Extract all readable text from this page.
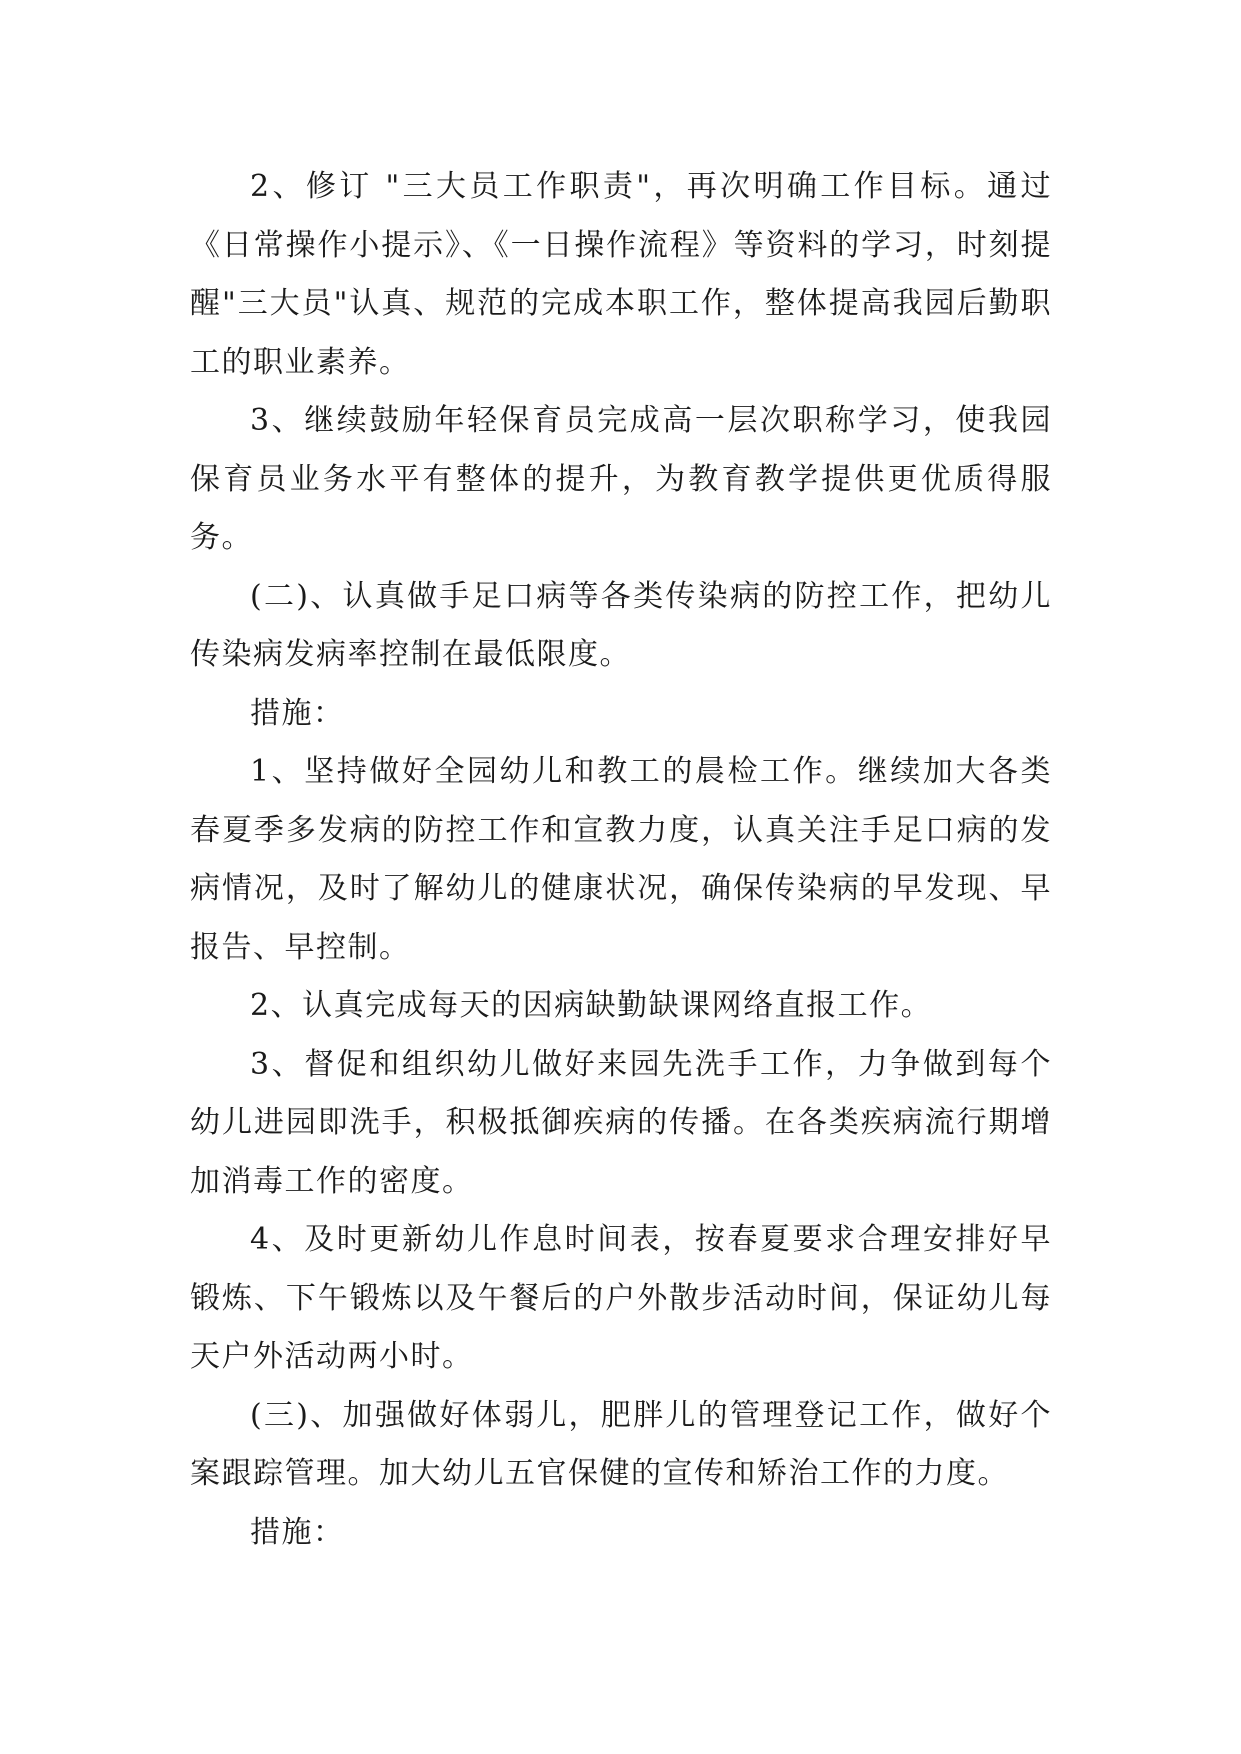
2、修订 "三大员工作职责"，再次明确工作目标。通过《日常操作小提示》、《一日操作流程》等资料的学习，时刻提醒"三大员"认真、规范的完成本职工作，整体提高我园后勤职工的职业素养。

3、继续鼓励年轻保育员完成高一层次职称学习，使我园保育员业务水平有整体的提升，为教育教学提供更优质得服务。

(二)、认真做手足口病等各类传染病的防控工作，把幼儿传染病发病率控制在最低限度。

措施：

1、坚持做好全园幼儿和教工的晨检工作。继续加大各类春夏季多发病的防控工作和宣教力度，认真关注手足口病的发病情况，及时了解幼儿的健康状况，确保传染病的早发现、早报告、早控制。

2、认真完成每天的因病缺勤缺课网络直报工作。

3、督促和组织幼儿做好来园先洗手工作，力争做到每个幼儿进园即洗手，积极抵御疾病的传播。在各类疾病流行期增加消毒工作的密度。

4、及时更新幼儿作息时间表，按春夏要求合理安排好早锻炼、下午锻炼以及午餐后的户外散步活动时间，保证幼儿每天户外活动两小时。

(三)、加强做好体弱儿，肥胖儿的管理登记工作，做好个案跟踪管理。加大幼儿五官保健的宣传和矫治工作的力度。

措施：
